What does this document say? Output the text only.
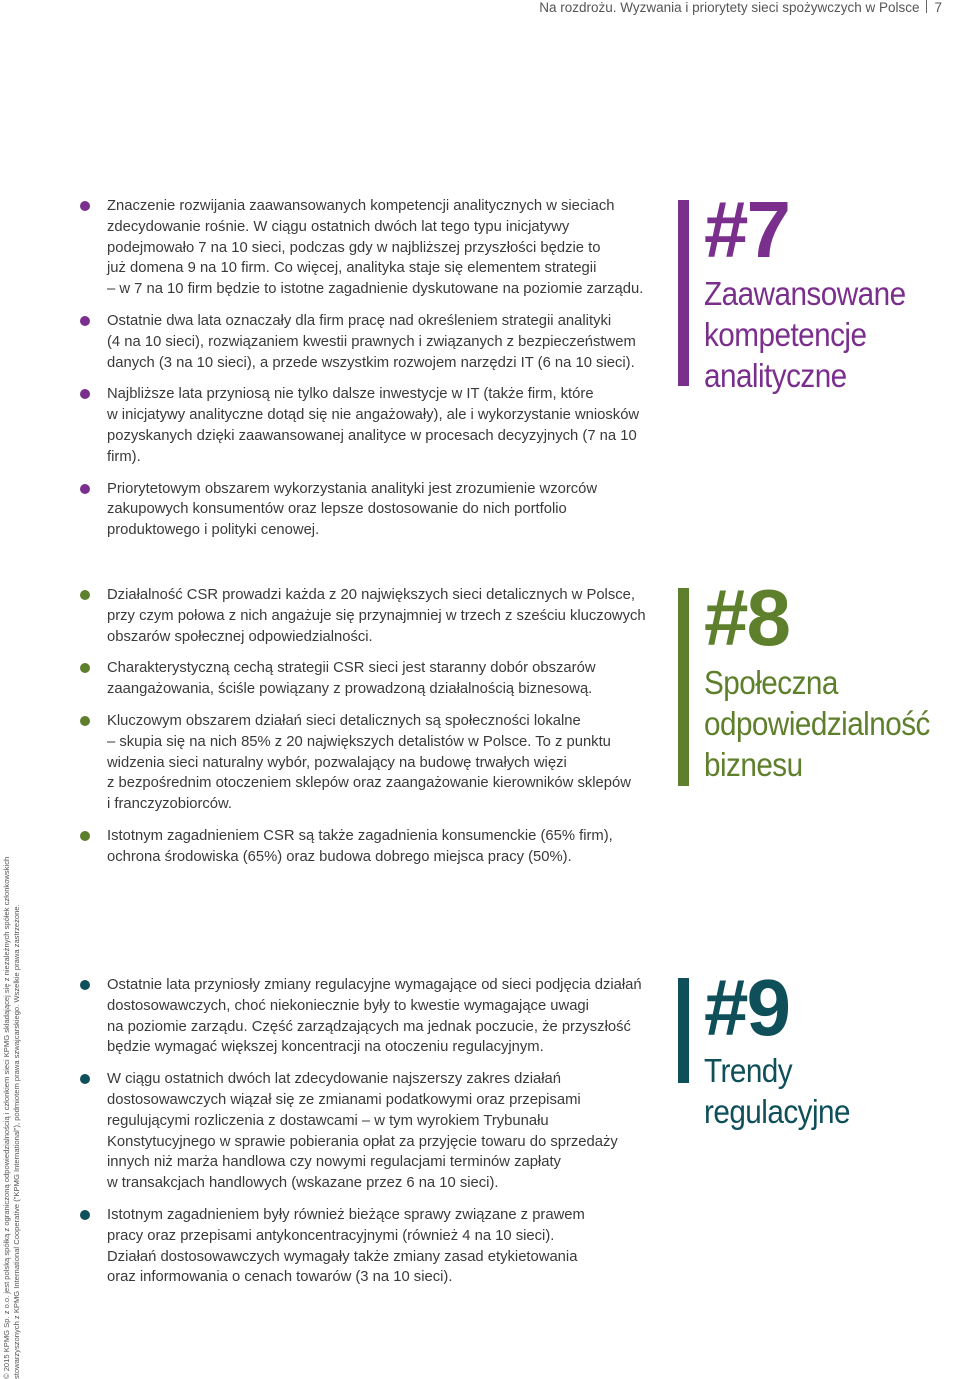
Na rozdrożu. Wyzwania i priorytety sieci spożywczych w Polsce 7

Znaczenie rozwijania zaawansowanych kompetencji analitycznych w sieciach
zdecydowanie rośnie. W ciągu ostatnich dwóch lat tego typu inicjatywy
podejmowało 7 na 10 sieci, podczas gdy w najbliższej przyszłości będzie to
już domena 9 na 10 firm. Co więcej, analityka staje się elementem strategii
– w 7 na 10 firm będzie to istotne zagadnienie dyskutowane na poziomie zarządu.

Ostatnie dwa lata oznaczały dla firm pracę nad określeniem strategii analityki
(4 na 10 sieci), rozwiązaniem kwestii prawnych i związanych z bezpieczeństwem
danych (3 na 10 sieci), a przede wszystkim rozwojem narzędzi IT (6 na 10 sieci).

Najbliższe lata przyniosą nie tylko dalsze inwestycje w IT (także firm, które
w inicjatywy analityczne dotąd się nie angażowały), ale i wykorzystanie wniosków
pozyskanych dzięki zaawansowanej analityce w procesach decyzyjnych (7 na 10
firm).

Priorytetowym obszarem wykorzystania analityki jest zrozumienie wzorców
zakupowych konsumentów oraz lepsze dostosowanie do nich portfolio
produktowego i polityki cenowej.

#7
Zaawansowane
kompetencje
analityczne

Działalność CSR prowadzi każda z 20 największych sieci detalicznych w Polsce,
przy czym połowa z nich angażuje się przynajmniej w trzech z sześciu kluczowych
obszarów społecznej odpowiedzialności.

Charakterystyczną cechą strategii CSR sieci jest staranny dobór obszarów
zaangażowania, ściśle powiązany z prowadzoną działalnością biznesową.

Kluczowym obszarem działań sieci detalicznych są społeczności lokalne
– skupia się na nich 85% z 20 największych detalistów w Polsce. To z punktu
widzenia sieci naturalny wybór, pozwalający na budowę trwałych więzi
z bezpośrednim otoczeniem sklepów oraz zaangażowanie kierowników sklepów
i franczyzobiorców.

Istotnym zagadnieniem CSR są także zagadnienia konsumenckie (65% firm),
ochrona środowiska (65%) oraz budowa dobrego miejsca pracy (50%).

#8
Społeczna
odpowiedzialność
biznesu

Ostatnie lata przyniosły zmiany regulacyjne wymagające od sieci podjęcia działań
dostosowawczych, choć niekoniecznie były to kwestie wymagające uwagi
na poziomie zarządu. Część zarządzających ma jednak poczucie, że przyszłość
będzie wymagać większej koncentracji na otoczeniu regulacyjnym.

W ciągu ostatnich dwóch lat zdecydowanie najszerszy zakres działań
dostosowawczych wiązał się ze zmianami podatkowymi oraz przepisami
regulującymi rozliczenia z dostawcami – w tym wyrokiem Trybunału
Konstytucyjnego w sprawie pobierania opłat za przyjęcie towaru do sprzedaży
innych niż marża handlowa czy nowymi regulacjami terminów zapłaty
w transakcjach handlowych (wskazane przez 6 na 10 sieci).

Istotnym zagadnieniem były również bieżące sprawy związane z prawem
pracy oraz przepisami antykoncentracyjnymi (również 4 na 10 sieci).
Działań dostosowawczych wymagały także zmiany zasad etykietowania
oraz informowania o cenach towarów (3 na 10 sieci).

#9
Trendy regulacyjne
© 2015 KPMG Sp. z o.o. jest polską spółką z ograniczoną odpowiedzialnością i członkiem sieci KPMG składającej się z niezależnych spółek członkowskich
stowarzyszonych z KPMG International Cooperative ("KPMG International"), podmiotem prawa szwajcarskiego. Wszelkie prawa zastrzeżone.
